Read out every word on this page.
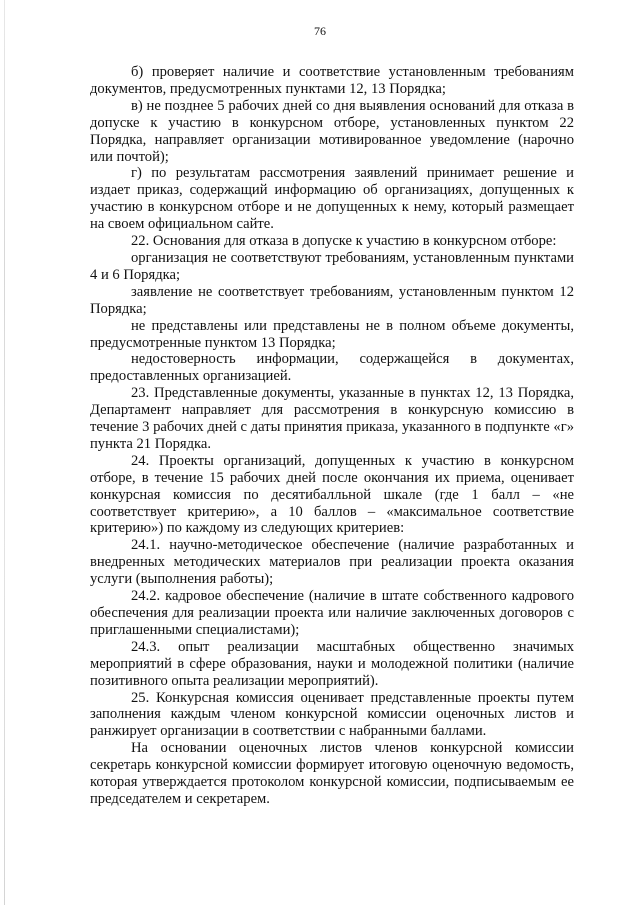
76

б) проверяет наличие и соответствие установленным требованиям документов, предусмотренных пунктами 12, 13 Порядка;

в) не позднее 5 рабочих дней со дня выявления оснований для отказа в допуске к участию в конкурсном отборе, установленных пунктом 22 Порядка, направляет организации мотивированное уведомление (нарочно или почтой);

г) по результатам рассмотрения заявлений принимает решение и издает приказ, содержащий информацию об организациях, допущенных к участию в конкурсном отборе и не допущенных к нему, который размещает на своем официальном сайте.

22. Основания для отказа в допуске к участию в конкурсном отборе:

организация не соответствуют требованиям, установленным пунктами 4 и 6 Порядка;

заявление не соответствует требованиям, установленным пунктом 12 Порядка;

не представлены или представлены не в полном объеме документы, предусмотренные пунктом 13 Порядка;

недостоверность информации, содержащейся в документах, предоставленных организацией.

23. Представленные документы, указанные в пунктах 12, 13 Порядка, Департамент направляет для рассмотрения в конкурсную комиссию в течение 3 рабочих дней с даты принятия приказа, указанного в подпункте «г» пункта 21 Порядка.

24. Проекты организаций, допущенных к участию в конкурсном отборе, в течение 15 рабочих дней после окончания их приема, оценивает конкурсная комиссия по десятибалльной шкале (где 1 балл – «не соответствует критерию», а 10 баллов – «максимальное соответствие критерию») по каждому из следующих критериев:

24.1. научно-методическое обеспечение (наличие разработанных и внедренных методических материалов при реализации проекта оказания услуги (выполнения работы);

24.2. кадровое обеспечение (наличие в штате собственного кадрового обеспечения для реализации проекта или наличие заключенных договоров с приглашенными специалистами);

24.3. опыт реализации масштабных общественно значимых мероприятий в сфере образования, науки и молодежной политики (наличие позитивного опыта реализации мероприятий).

25. Конкурсная комиссия оценивает представленные проекты путем заполнения каждым членом конкурсной комиссии оценочных листов и ранжирует организации в соответствии с набранными баллами.

На основании оценочных листов членов конкурсной комиссии секретарь конкурсной комиссии формирует итоговую оценочную ведомость, которая утверждается протоколом конкурсной комиссии, подписываемым ее председателем и секретарем.
